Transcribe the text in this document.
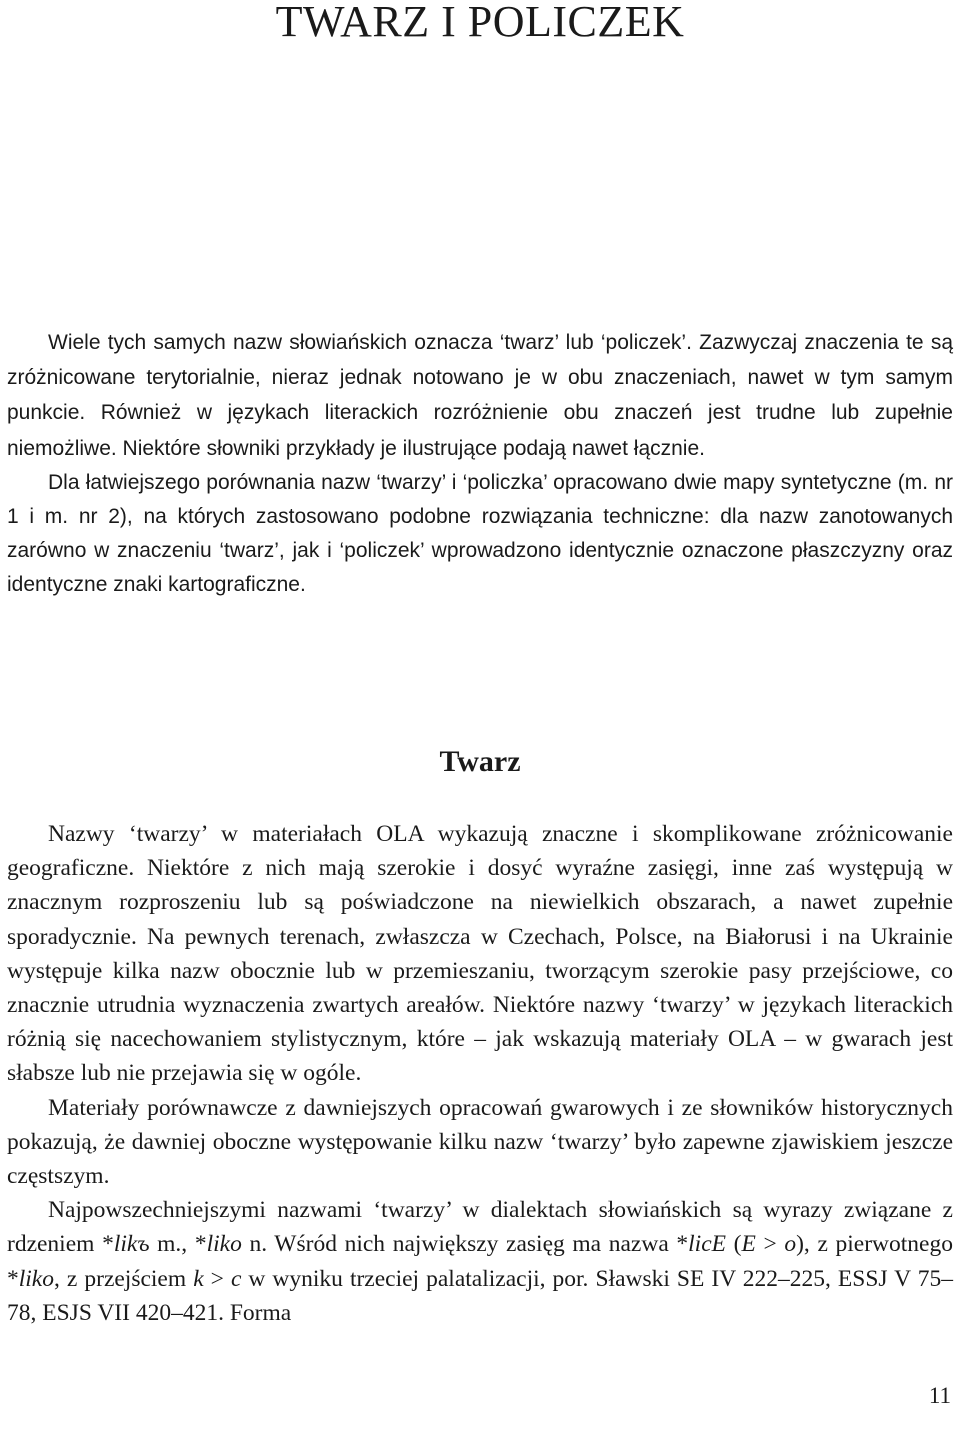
TWARZ I POLICZEK

Wiele tych samych nazw słowiańskich oznacza ‘twarz’ lub ‘policzek’. Zazwyczaj znaczenia te są zróżnicowane terytorialnie, nieraz jednak notowano je w obu znaczeniach, nawet w tym samym punkcie. Również w językach literackich rozróżnienie obu znaczeń jest trudne lub zupełnie niemożliwe. Niektóre słowniki przykłady je ilustrujące podają nawet łącznie.

Dla łatwiejszego porównania nazw ‘twarzy’ i ‘policzka’ opracowano dwie mapy syntetyczne (m. nr 1 i m. nr 2), na których zastosowano podobne rozwiązania techniczne: dla nazw zanotowanych zarówno w znaczeniu ‘twarz’, jak i ‘policzek’ wprowadzono identycznie oznaczone płaszczyzny oraz identyczne znaki kartograficzne.

Twarz

Nazwy ‘twarzy’ w materiałach OLA wykazują znaczne i skomplikowane zróżnicowanie geograficzne. Niektóre z nich mają szerokie i dosyć wyraźne zasięgi, inne zaś występują w znacznym rozproszeniu lub są poświadczone na niewielkich obszarach, a nawet zupełnie sporadycznie. Na pewnych terenach, zwłaszcza w Czechach, Polsce, na Białorusi i na Ukrainie występuje kilka nazw obocznie lub w przemieszaniu, tworzącym szerokie pasy przejściowe, co znacznie utrudnia wyznaczenia zwartych areałów. Niektóre nazwy ‘twarzy’ w językach literackich różnią się nacechowaniem stylistycznym, które – jak wskazują materiały OLA – w gwarach jest słabsze lub nie przejawia się w ogóle.

Materiały porównawcze z dawniejszych opracowań gwarowych i ze słowników historycznych pokazują, że dawniej oboczne występowanie kilku nazw ‘twarzy’ było zapewne zjawiskiem jeszcze częstszym.

Najpowszechniejszymi nazwami ‘twarzy’ w dialektach słowiańskich są wyrazy związane z rdzeniem *likъ m., *liko n. Wśród nich największy zasięg ma nazwa *licE (E > o), z pierwotnego *liko, z przejściem k > c w wyniku trzeciej palatalizacji, por. Sławski SE IV 222–225, ESSJ V 75–78, ESJS VII 420–421. Forma

11
